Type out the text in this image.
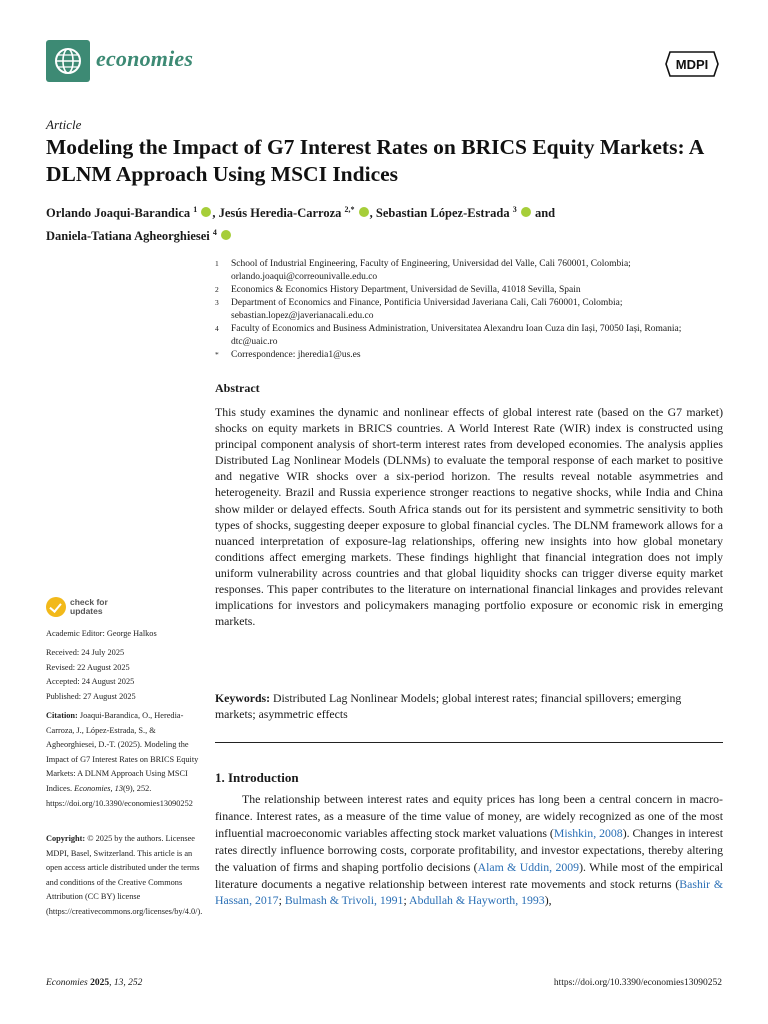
economies	MDPI
Article
Modeling the Impact of G7 Interest Rates on BRICS Equity Markets: A DLNM Approach Using MSCI Indices
Orlando Joaqui-Barandica $^1$ , Jesús Heredia-Carroza $^{2,*}$ , Sebastian López-Estrada $^3$ and
Daniela-Tatiana Agheorghiesei $^4$
1 School of Industrial Engineering, Faculty of Engineering, Universidad del Valle, Cali 760001, Colombia; orlando.joaqui@correounivalle.edu.co
2 Economics & Economics History Department, Universidad de Sevilla, 41018 Sevilla, Spain
3 Department of Economics and Finance, Pontificia Universidad Javeriana Cali, Cali 760001, Colombia; sebastian.lopez@javerianacali.edu.co
4 Faculty of Economics and Business Administration, Universitatea Alexandru Ioan Cuza din Iași, 70050 Iași, Romania; dtc@uaic.ro
* Correspondence: jheredia1@us.es
Abstract
This study examines the dynamic and nonlinear effects of global interest rate (based on the G7 market) shocks on equity markets in BRICS countries. A World Interest Rate (WIR) index is constructed using principal component analysis of short-term interest rates from developed economies. The analysis applies Distributed Lag Nonlinear Models (DLNMs) to evaluate the temporal response of each market to positive and negative WIR shocks over a six-period horizon. The results reveal notable asymmetries and heterogeneity. Brazil and Russia experience stronger reactions to negative shocks, while India and China show milder or delayed effects. South Africa stands out for its persistent and symmetric sensitivity to both types of shocks, suggesting deeper exposure to global financial cycles. The DLNM framework allows for a nuanced interpretation of exposure-lag relationships, offering new insights into how global monetary conditions affect emerging markets. These findings highlight that financial integration does not imply uniform vulnerability across countries and that global liquidity shocks can trigger diverse equity market responses. This paper contributes to the literature on international financial linkages and provides relevant implications for investors and policymakers managing portfolio exposure or economic risk in emerging markets.
Keywords: Distributed Lag Nonlinear Models; global interest rates; financial spillovers; emerging markets; asymmetric effects
1. Introduction
The relationship between interest rates and equity prices has long been a central concern in macro-finance. Interest rates, as a measure of the time value of money, are widely recognized as one of the most influential macroeconomic variables affecting stock market valuations (Mishkin, 2008). Changes in interest rates directly influence borrowing costs, corporate profitability, and investor expectations, thereby altering the valuation of firms and shaping portfolio decisions (Alam & Uddin, 2009). While most of the empirical literature documents a negative relationship between interest rate movements and stock returns (Bashir & Hassan, 2017; Bulmash & Trivoli, 1991; Abdullah & Hayworth, 1993),
check for
updates
Academic Editor: George Halkos
Received: 24 July 2025
Revised: 22 August 2025
Accepted: 24 August 2025
Published: 27 August 2025
Citation: Joaqui-Barandica, O., Heredia-Carroza, J., López-Estrada, S., & Agheorghiesei, D.-T. (2025). Modeling the Impact of G7 Interest Rates on BRICS Equity Markets: A DLNM Approach Using MSCI Indices. Economies, 13(9), 252. https://doi.org/10.3390/economies13090252
Copyright: © 2025 by the authors. Licensee MDPI, Basel, Switzerland. This article is an open access article distributed under the terms and conditions of the Creative Commons Attribution (CC BY) license (https://creativecommons.org/licenses/by/4.0/).
Economies 2025, 13, 252	https://doi.org/10.3390/economies13090252
